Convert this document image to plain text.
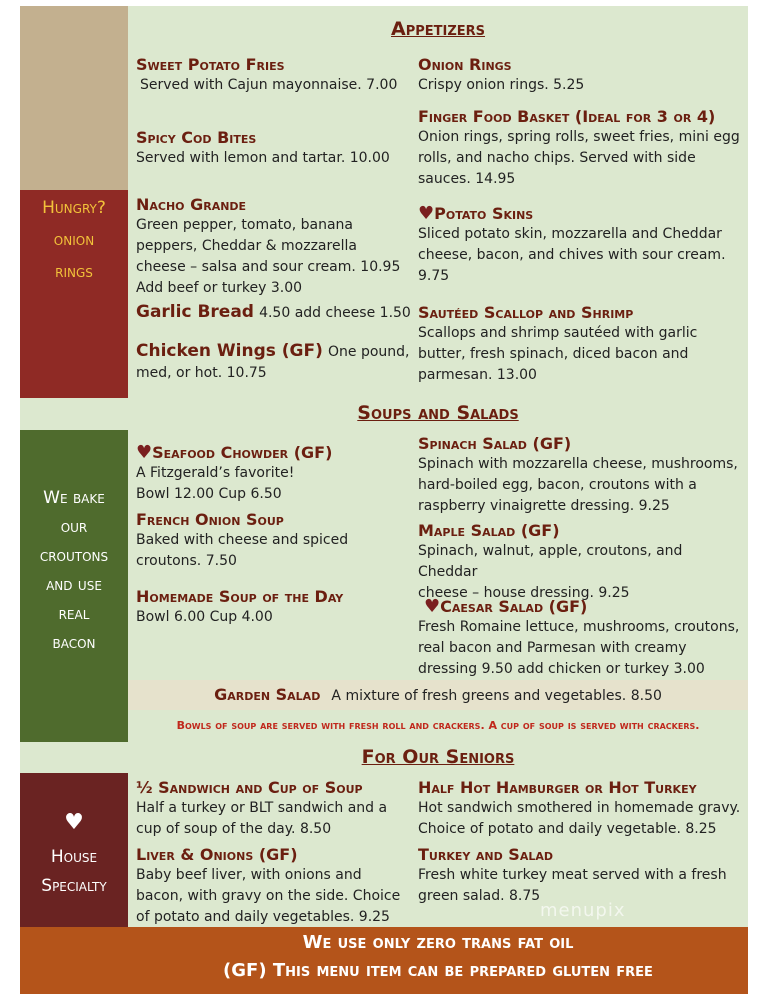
Hungry?
onion
rings
We bake
our
croutons
and use
real
bacon
♥
House
Specialty
Appetizers
Sweet Potato Fries
Served with Cajun mayonnaise. 7.00
Spicy Cod Bites
Served with lemon and tartar. 10.00
Nacho Grande
Green pepper, tomato, banana
peppers, Cheddar & mozzarella
cheese – salsa and sour cream. 10.95
Add beef or turkey 3.00
Garlic Bread 4.50 add cheese 1.50
Chicken Wings (GF) One pound,
med, or hot. 10.75
Onion Rings
Crispy onion rings. 5.25
Finger Food Basket (Ideal for 3 or 4)
Onion rings, spring rolls, sweet fries, mini egg
rolls, and nacho chips. Served with side
sauces. 14.95
♥Potato Skins
Sliced potato skin, mozzarella and Cheddar
cheese, bacon, and chives with sour cream.
9.75
Sautéed Scallop and Shrimp
Scallops and shrimp sautéed with garlic
butter, fresh spinach, diced bacon and
parmesan. 13.00
Soups and Salads
♥Seafood Chowder (GF)
A Fitzgerald’s favorite!
Bowl 12.00 Cup 6.50
French Onion Soup
Baked with cheese and spiced
croutons. 7.50
Homemade Soup of the Day
Bowl 6.00 Cup 4.00
Spinach Salad (GF)
Spinach with mozzarella cheese, mushrooms,
hard-boiled egg, bacon, croutons with a
raspberry vinaigrette dressing. 9.25
Maple Salad (GF)
Spinach, walnut, apple, croutons, and Cheddar
cheese – house dressing. 9.25
♥Caesar Salad (GF)
Fresh Romaine lettuce, mushrooms, croutons,
real bacon and Parmesan with creamy
dressing 9.50 add chicken or turkey 3.00
Garden Salad A mixture of fresh greens and vegetables. 8.50
Bowls of soup are served with fresh roll and crackers. A cup of soup is served with crackers.
For Our Seniors
½ Sandwich and Cup of Soup
Half a turkey or BLT sandwich and a
cup of soup of the day. 8.50
Liver & Onions (GF)
Baby beef liver, with onions and
bacon, with gravy on the side. Choice
of potato and daily vegetables. 9.25
Half Hot Hamburger or Hot Turkey
Hot sandwich smothered in homemade gravy.
Choice of potato and daily vegetable. 8.25
Turkey and Salad
Fresh white turkey meat served with a fresh
green salad. 8.75
menupix
We use only zero trans fat oil
(GF) This menu item can be prepared gluten free
